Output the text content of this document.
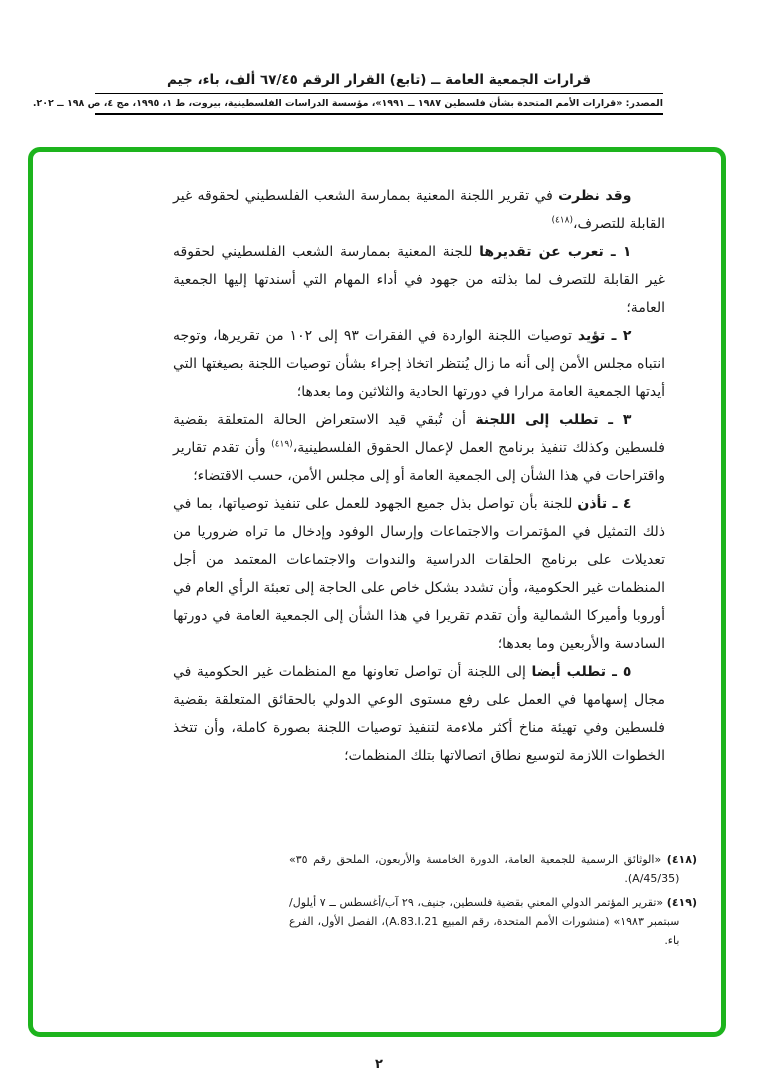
قرارات الجمعية العامة ــ (تابع) القرار الرقم ٦٧/٤٥ ألف، باء، جيم
المصدر: «قرارات الأمم المتحدة بشأن فلسطين ١٩٨٧ ــ ١٩٩١»، مؤسسة الدراسات الفلسطينية، بيروت، ط ١، ١٩٩٥، مج ٤، ص ١٩٨ ــ ٢٠٢.

وقد نظرت في تقرير اللجنة المعنية بممارسة الشعب الفلسطيني لحقوقه غير القابلة للتصرف،$^{(٤١٨)}$

١ ـ تعرب عن تقديرها للجنة المعنية بممارسة الشعب الفلسطيني لحقوقه غير القابلة للتصرف لما بذلته من جهود في أداء المهام التي أسندتها إليها الجمعية العامة؛

٢ ـ تؤيد توصيات اللجنة الواردة في الفقرات ٩٣ إلى ١٠٢ من تقريرها، وتوجه انتباه مجلس الأمن إلى أنه ما زال يُنتظر اتخاذ إجراء بشأن توصيات اللجنة بصيغتها التي أيدتها الجمعية العامة مرارا في دورتها الحادية والثلاثين وما بعدها؛

٣ ـ تطلب إلى اللجنة أن تُبقي قيد الاستعراض الحالة المتعلقة بقضية فلسطين وكذلك تنفيذ برنامج العمل لإعمال الحقوق الفلسطينية،$^{(٤١٩)}$ وأن تقدم تقارير واقتراحات في هذا الشأن إلى الجمعية العامة أو إلى مجلس الأمن، حسب الاقتضاء؛

٤ ـ تأذن للجنة بأن تواصل بذل جميع الجهود للعمل على تنفيذ توصياتها، بما في ذلك التمثيل في المؤتمرات والاجتماعات وإرسال الوفود وإدخال ما تراه ضروريا من تعديلات على برنامج الحلقات الدراسية والندوات والاجتماعات المعتمد من أجل المنظمات غير الحكومية، وأن تشدد بشكل خاص على الحاجة إلى تعبئة الرأي العام في أوروبا وأميركا الشمالية وأن تقدم تقريرا في هذا الشأن إلى الجمعية العامة في دورتها السادسة والأربعين وما بعدها؛

٥ ـ تطلب أيضا إلى اللجنة أن تواصل تعاونها مع المنظمات غير الحكومية في مجال إسهامها في العمل على رفع مستوى الوعي الدولي بالحقائق المتعلقة بقضية فلسطين وفي تهيئة مناخ أكثر ملاءمة لتنفيذ توصيات اللجنة بصورة كاملة، وأن تتخذ الخطوات اللازمة لتوسيع نطاق اتصالاتها بتلك المنظمات؛

(٤١٨) «الوثائق الرسمية للجمعية العامة، الدورة الخامسة والأربعون، الملحق رقم ٣٥» (A/45/35).

(٤١٩) «تقرير المؤتمر الدولي المعني بقضية فلسطين، جنيف، ٢٩ آب/أغسطس ــ ٧ أيلول/سبتمبر ١٩٨٣» (منشورات الأمم المتحدة، رقم المبيع A.83.I.21)، الفصل الأول، الفرع باء.

٢
